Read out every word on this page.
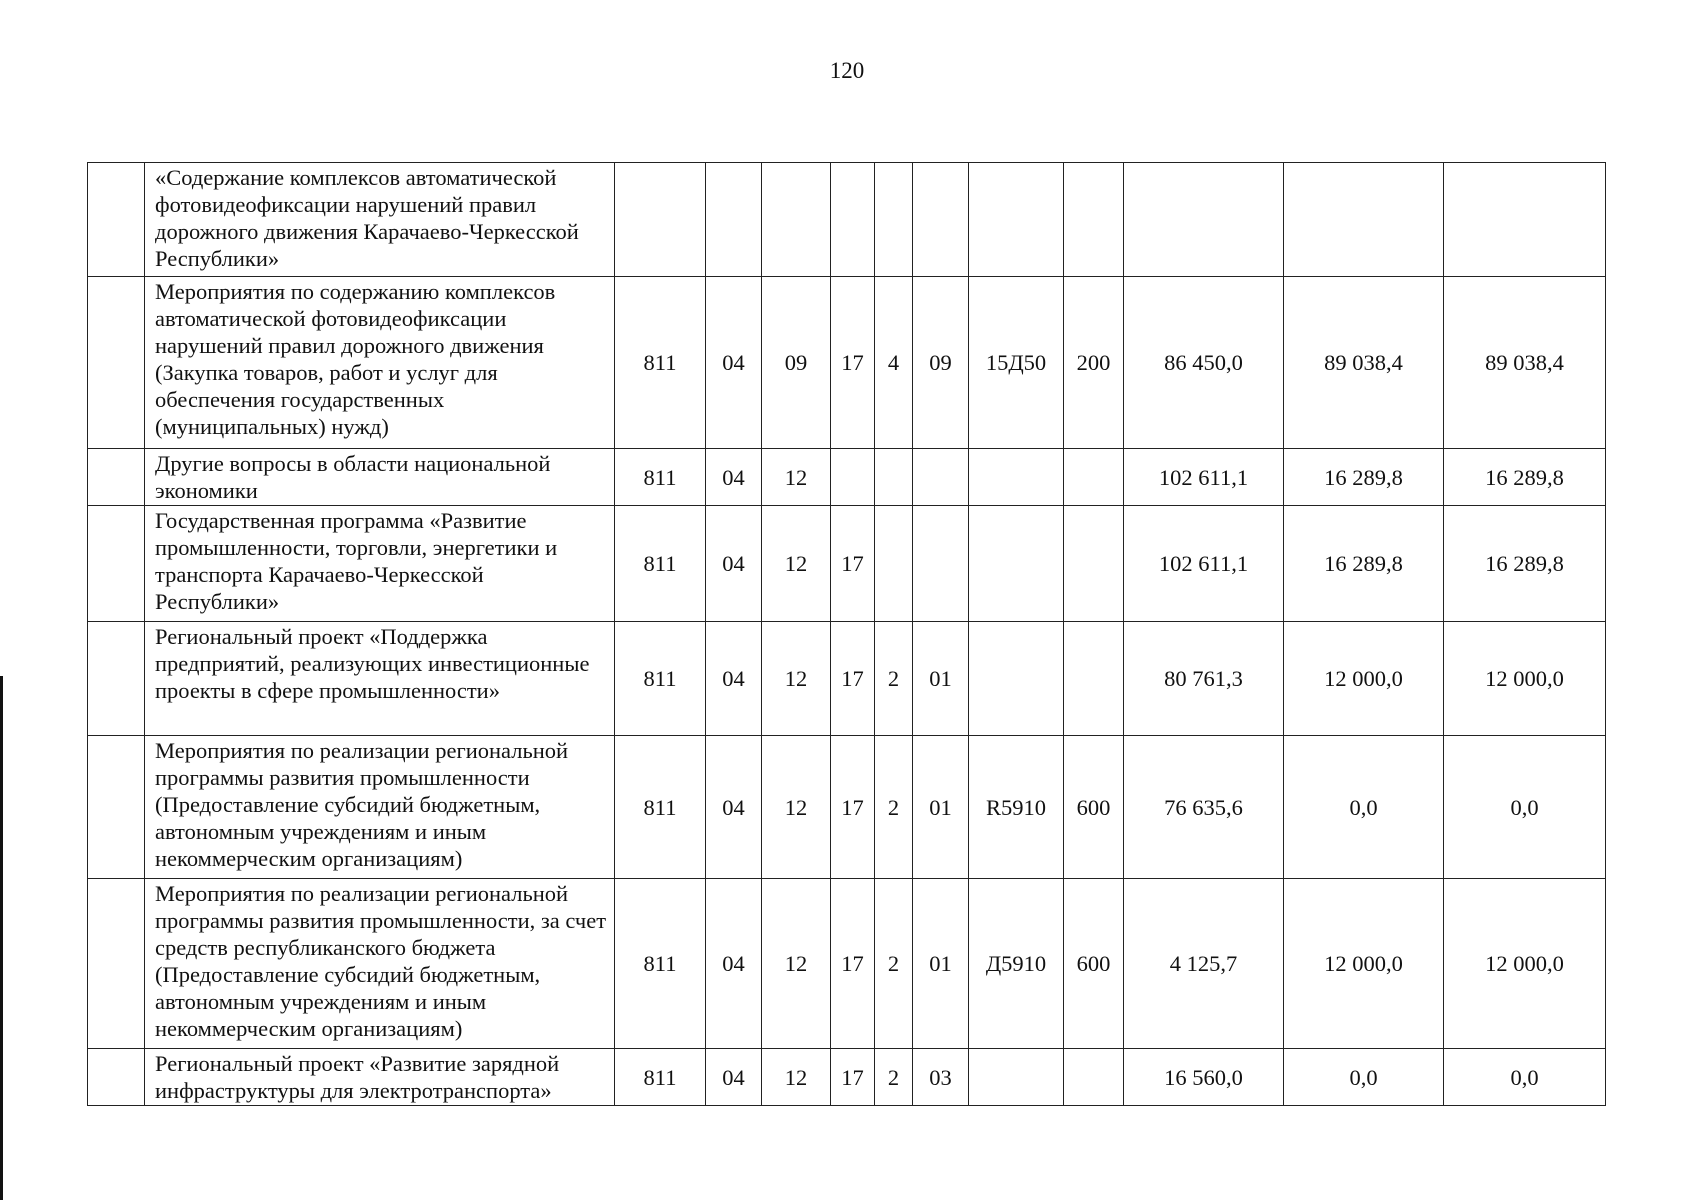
120
	«Содержание комплексов автоматической фотовидеофиксации нарушений правил дорожного движения Карачаево-Черкесской Республики»											
	Мероприятия по содержанию комплексов автоматической фотовидеофиксации нарушений правил дорожного движения (Закупка товаров, работ и услуг для обеспечения государственных (муниципальных) нужд)	811	04	09	17	4	09	15Д50	200	86 450,0	89 038,4	89 038,4
	Другие вопросы в области национальной экономики	811	04	12						102 611,1	16 289,8	16 289,8
	Государственная программа «Развитие промышленности, торговли, энергетики и транспорта Карачаево-Черкесской Республики»	811	04	12	17					102 611,1	16 289,8	16 289,8
	Региональный проект «Поддержка предприятий, реализующих инвестиционные проекты в сфере промышленности»	811	04	12	17	2	01			80 761,3	12 000,0	12 000,0
	Мероприятия по реализации региональной программы развития промышленности (Предоставление субсидий бюджетным, автономным учреждениям и иным некоммерческим организациям)	811	04	12	17	2	01	R5910	600	76 635,6	0,0	0,0
	Мероприятия по реализации региональной программы развития промышленности, за счет средств республиканского бюджета (Предоставление субсидий бюджетным, автономным учреждениям и иным некоммерческим организациям)	811	04	12	17	2	01	Д5910	600	4 125,7	12 000,0	12 000,0
	Региональный проект «Развитие зарядной инфраструктуры для электротранспорта»	811	04	12	17	2	03			16 560,0	0,0	0,0
